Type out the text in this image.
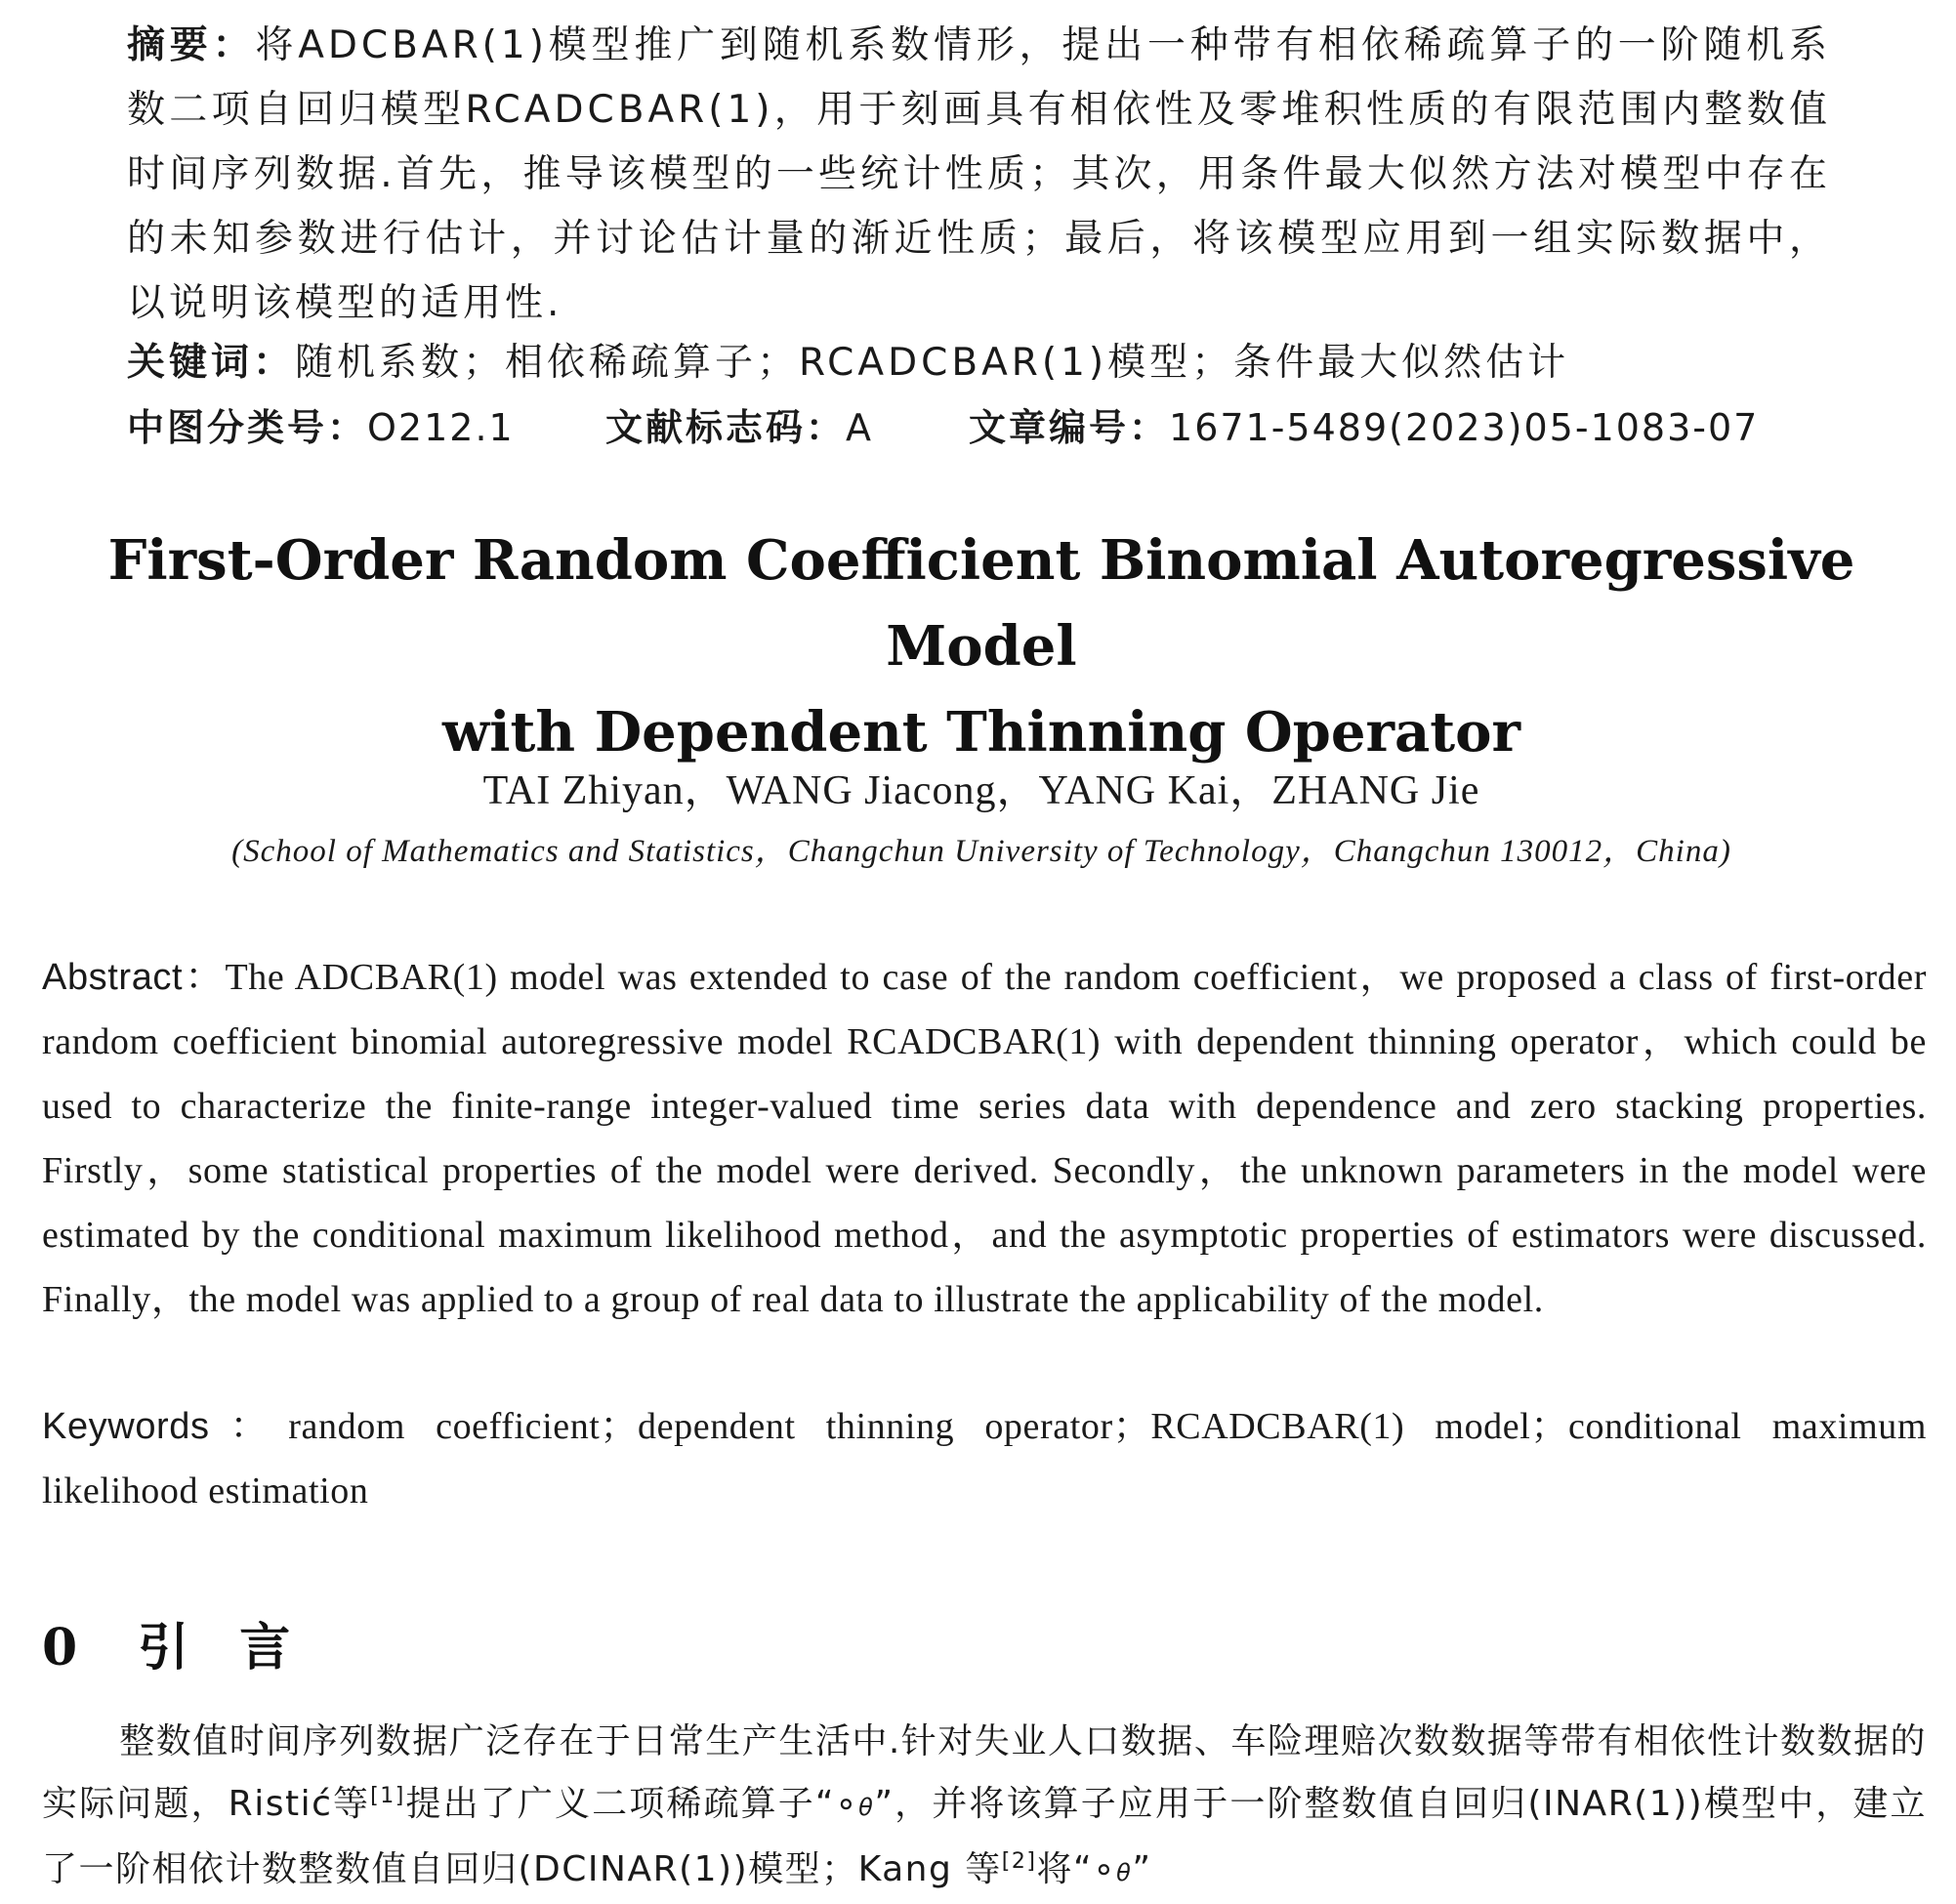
摘要：将ADCBAR(1)模型推广到随机系数情形，提出一种带有相依稀疏算子的一阶随机系数二项自回归模型RCADCBAR(1)，用于刻画具有相依性及零堆积性质的有限范围内整数值时间序列数据.首先，推导该模型的一些统计性质；其次，用条件最大似然方法对模型中存在的未知参数进行估计，并讨论估计量的渐近性质；最后，将该模型应用到一组实际数据中，以说明该模型的适用性.
关键词：随机系数；相依稀疏算子；RCADCBAR(1)模型；条件最大似然估计
中图分类号：O212.1 文献标志码：A	文章编号：1671-5489(2023)05-1083-07
First-Order Random Coefficient Binomial Autoregressive Model
with Dependent Thinning Operator
TAI Zhiyan，WANG Jiacong，YANG Kai，ZHANG Jie
(School of Mathematics and Statistics，Changchun University of Technology，Changchun 130012，China)
Abstract：The ADCBAR(1) model was extended to case of the random coefficient，we proposed a class of first-order random coefficient binomial autoregressive model RCADCBAR(1) with dependent thinning operator，which could be used to characterize the finite-range integer-valued time series data with dependence and zero stacking properties. Firstly，some statistical properties of the model were derived. Secondly，the unknown parameters in the model were estimated by the conditional maximum likelihood method，and the asymptotic properties of estimators were discussed. Finally，the model was applied to a group of real data to illustrate the applicability of the model.
Keywords：random coefficient；dependent thinning operator；RCADCBAR(1) model；conditional maximum likelihood estimation
0 引言
整数值时间序列数据广泛存在于日常生产生活中.针对失业人口数据、车险理赔次数数据等带有相依性计数数据的实际问题，Ristić等[1]提出了广义二项稀疏算子“∘θ”，并将该算子应用于一阶整数值自回归(INAR(1))模型中，建立了一阶相依计数整数值自回归(DCINAR(1))模型；Kang 等[2]将“∘θ”
